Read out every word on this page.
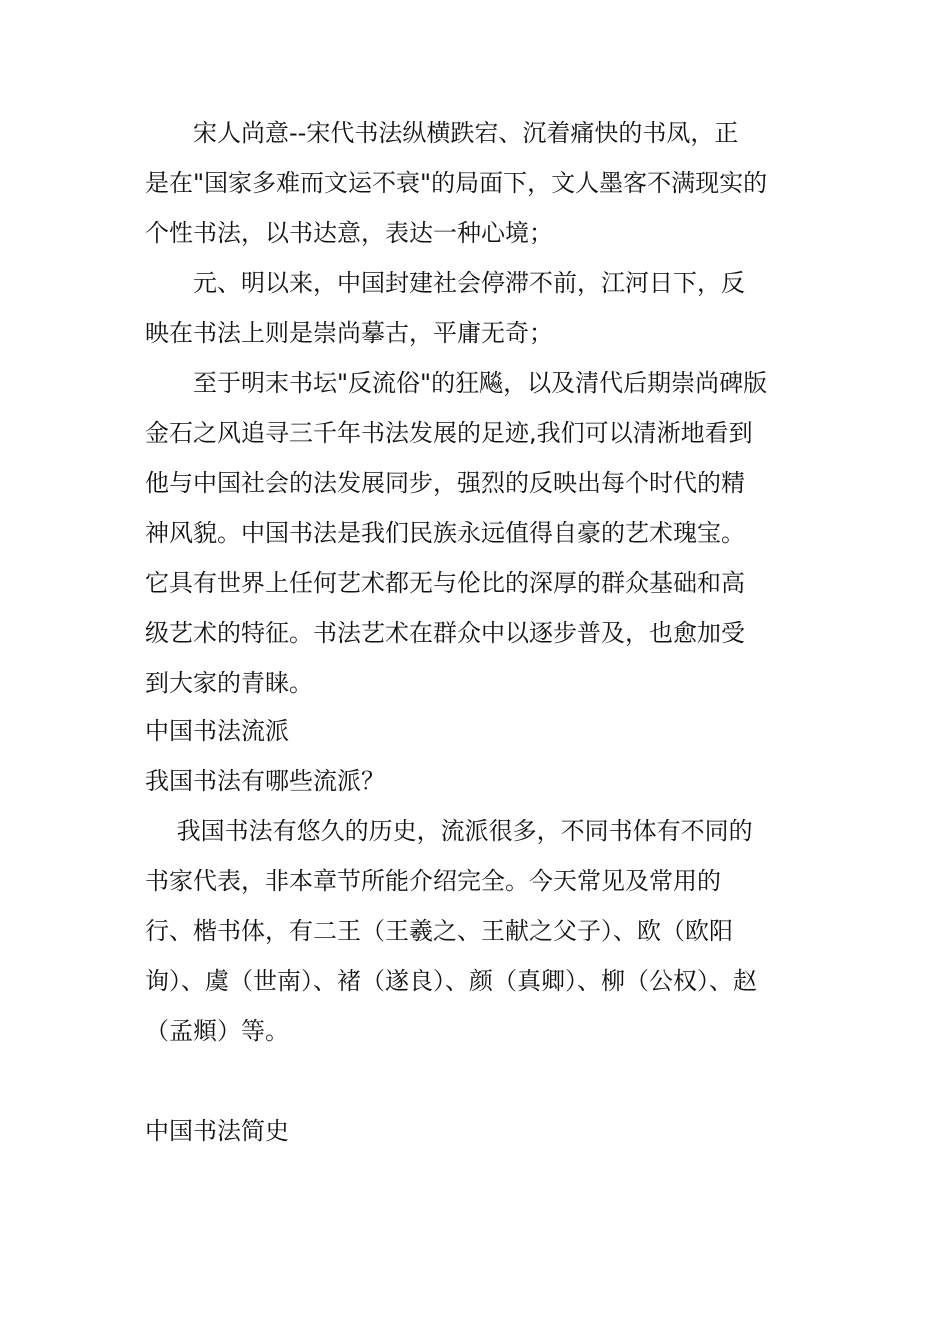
　　宋人尚意--宋代书法纵横跌宕、沉着痛快的书凤，正
是在"国家多难而文运不衰"的局面下，文人墨客不满现实的
个性书法，以书达意，表达一种心境；
　　元、明以来，中国封建社会停滞不前，江河日下，反
映在书法上则是崇尚摹古，平庸无奇；
　　至于明末书坛"反流俗"的狂飚，以及清代后期崇尚碑版
金石之风追寻三千年书法发展的足迹,我们可以清淅地看到
他与中国社会的法发展同步，强烈的反映出每个时代的精
神风貌。中国书法是我们民族永远值得自豪的艺术瑰宝。
它具有世界上任何艺术都无与伦比的深厚的群众基础和高
级艺术的特征。书法艺术在群众中以逐步普及，也愈加受
到大家的青睐。
中国书法流派
我国书法有哪些流派？
　 我国书法有悠久的历史，流派很多，不同书体有不同的
书家代表，非本章节所能介绍完全。今天常见及常用的
行、楷书体，有二王（王羲之、王献之父子）、欧（欧阳
询）、虞（世南）、褚（遂良）、颜（真卿）、柳（公权）、赵
（孟頫）等。
中国书法简史
